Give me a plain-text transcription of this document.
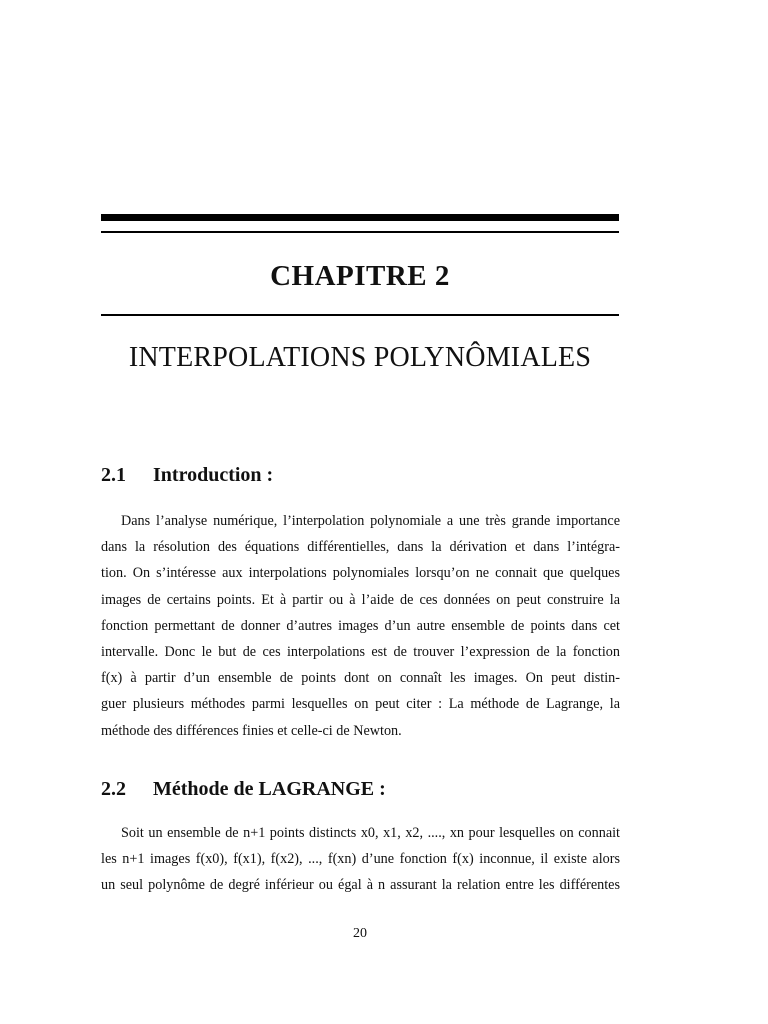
CHAPITRE 2
INTERPOLATIONS POLYNÔMIALES
2.1 Introduction :
Dans l’analyse numérique, l’interpolation polynomiale a une très grande importance
dans la résolution des équations différentielles, dans la dérivation et dans l’intégra-
tion. On s’intéresse aux interpolations polynomiales lorsqu’on ne connait que quelques
images de certains points. Et à partir ou à l’aide de ces données on peut construire la
fonction permettant de donner d’autres images d’un autre ensemble de points dans cet
intervalle. Donc le but de ces interpolations est de trouver l’expression de la fonction
f(x) à partir d’un ensemble de points dont on connaît les images. On peut distin-
guer plusieurs méthodes parmi lesquelles on peut citer : La méthode de Lagrange, la
méthode des différences finies et celle-ci de Newton.
2.2 Méthode de LAGRANGE :
Soit un ensemble de n+1 points distincts x0, x1, x2, ...., xn pour lesquelles on connait
les n+1 images f(x0), f(x1), f(x2), ..., f(xn) d’une fonction f(x) inconnue, il existe alors
un seul polynôme de degré inférieur ou égal à n assurant la relation entre les différentes
20
